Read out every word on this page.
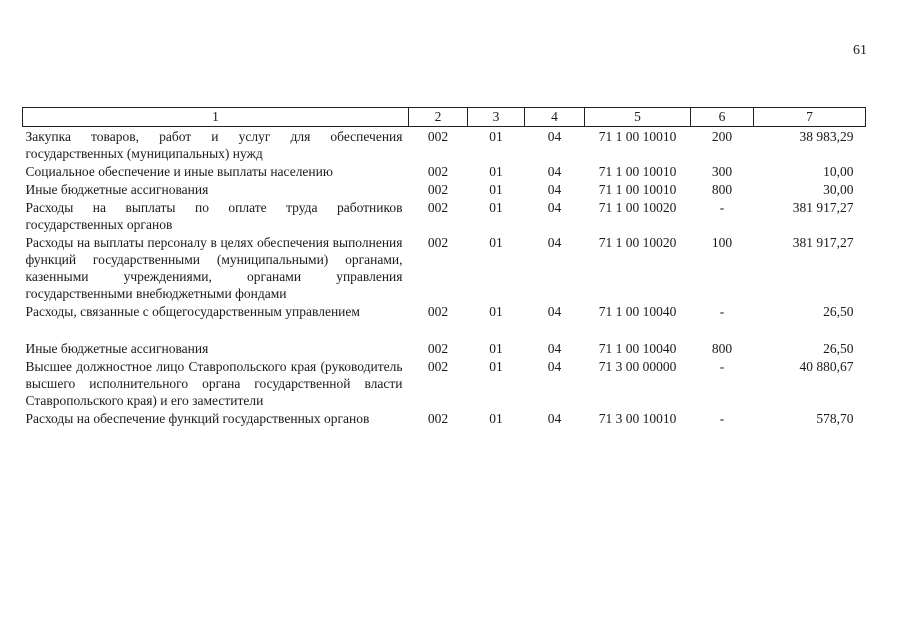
61
1	2	3	4	5	6	7
Закупка товаров, работ и услуг для обеспечения государственных (муниципальных) нужд	002	01	04	71 1 00 10010	200	38 983,29
Социальное обеспечение и иные выплаты населению	002	01	04	71 1 00 10010	300	10,00
Иные бюджетные ассигнования	002	01	04	71 1 00 10010	800	30,00
Расходы на выплаты по оплате труда работников государственных органов	002	01	04	71 1 00 10020	-	381 917,27
Расходы на выплаты персоналу в целях обеспечения выполнения функций государственными (муниципальными) органами, казенными учреждениями, органами управления государственными внебюджетными фондами	002	01	04	71 1 00 10020	100	381 917,27
Расходы, связанные с общегосударственным управлением	002	01	04	71 1 00 10040	-	26,50
Иные бюджетные ассигнования	002	01	04	71 1 00 10040	800	26,50
Высшее должностное лицо Ставропольского края (руководитель высшего исполнительного органа государственной власти Ставропольского края) и его заместители	002	01	04	71 3 00 00000	-	40 880,67
Расходы на обеспечение функций государственных органов	002	01	04	71 3 00 10010	-	578,70
